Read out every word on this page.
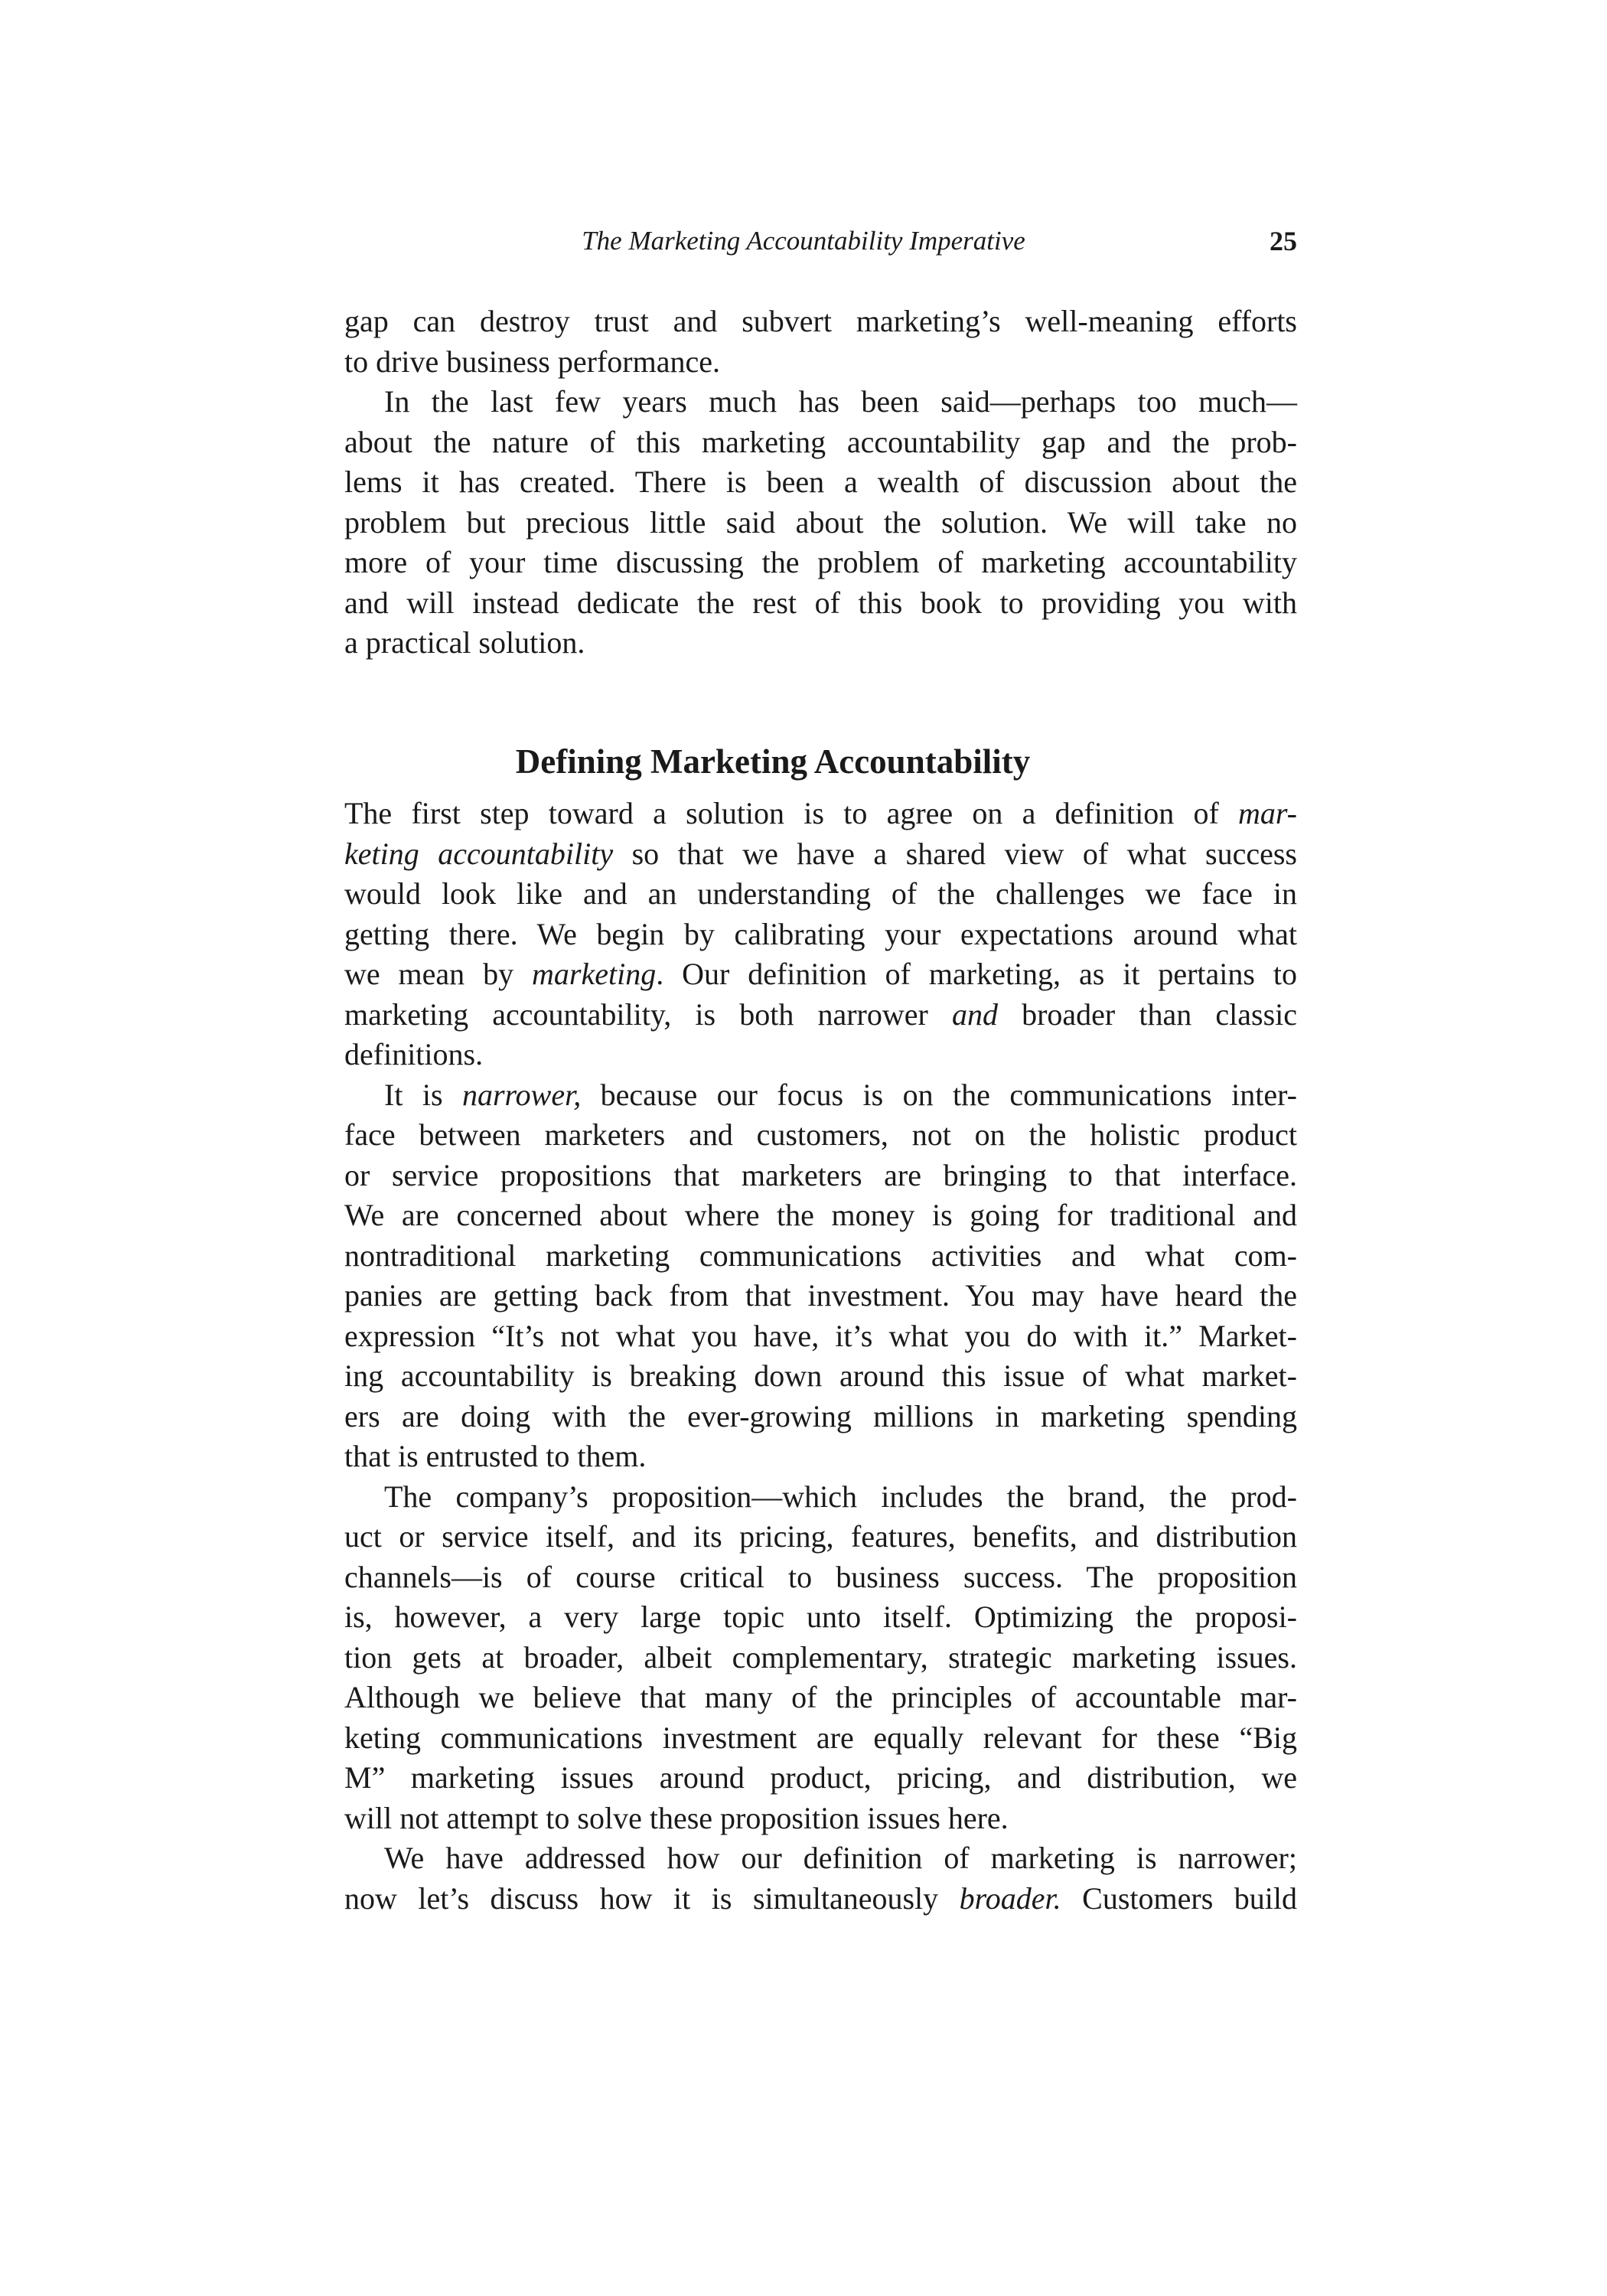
The Marketing Accountability Imperative	25
gap can destroy trust and subvert marketing’s well-meaning efforts
to drive business performance.
In the last few years much has been said—perhaps too much—
about the nature of this marketing accountability gap and the prob-
lems it has created. There is been a wealth of discussion about the
problem but precious little said about the solution. We will take no
more of your time discussing the problem of marketing accountability
and will instead dedicate the rest of this book to providing you with
a practical solution.
Defining Marketing Accountability
The first step toward a solution is to agree on a definition of mar-
keting accountability so that we have a shared view of what success
would look like and an understanding of the challenges we face in
getting there. We begin by calibrating your expectations around what
we mean by marketing. Our definition of marketing, as it pertains to
marketing accountability, is both narrower and broader than classic
definitions.
It is narrower, because our focus is on the communications inter-
face between marketers and customers, not on the holistic product
or service propositions that marketers are bringing to that interface.
We are concerned about where the money is going for traditional and
nontraditional marketing communications activities and what com-
panies are getting back from that investment. You may have heard the
expression “It’s not what you have, it’s what you do with it.” Market-
ing accountability is breaking down around this issue of what market-
ers are doing with the ever-growing millions in marketing spending
that is entrusted to them.
The company’s proposition—which includes the brand, the prod-
uct or service itself, and its pricing, features, benefits, and distribution
channels—is of course critical to business success. The proposition
is, however, a very large topic unto itself. Optimizing the proposi-
tion gets at broader, albeit complementary, strategic marketing issues.
Although we believe that many of the principles of accountable mar-
keting communications investment are equally relevant for these “Big
M” marketing issues around product, pricing, and distribution, we
will not attempt to solve these proposition issues here.
We have addressed how our definition of marketing is narrower;
now let’s discuss how it is simultaneously broader. Customers build
